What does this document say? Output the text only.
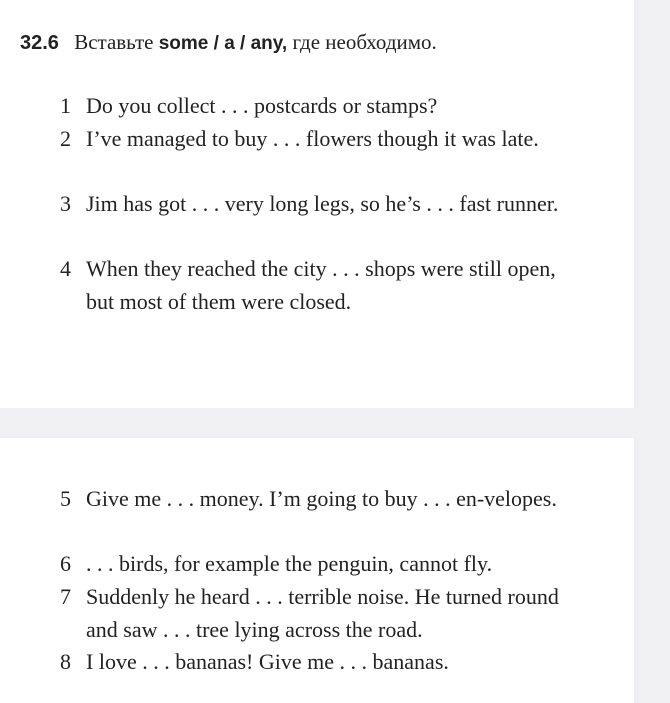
32.6 Вставьте some / a / any, где необходимо.
1 Do you collect . . . postcards or stamps?
2 I’ve managed to buy . . . flowers though it was late.
3 Jim has got . . . very long legs, so he’s . . . fast runner.
4 When they reached the city . . . shops were still open, but most of them were closed.
5 Give me . . . money. I’m going to buy . . . en-velopes.
6 . . . birds, for example the penguin, cannot fly.
7 Suddenly he heard . . . terrible noise. He turned round and saw . . . tree lying across the road.
8 I love . . . bananas! Give me . . . bananas.
